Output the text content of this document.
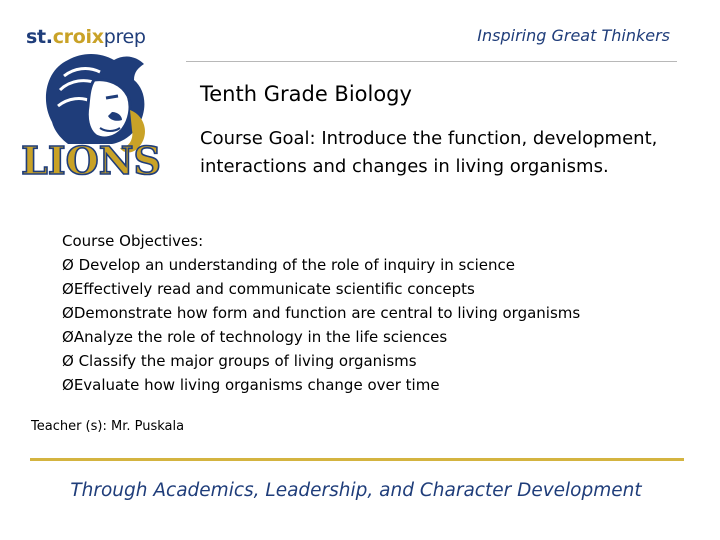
st.croixprep	Inspiring Great Thinkers
LIONS
Tenth Grade Biology
Course Goal: Introduce the function, development, interactions and changes in living organisms.
Course Objectives:
Ø Develop an understanding of the role of inquiry in science
ØEffectively read and communicate scientific concepts
ØDemonstrate how form and function are central to living organisms
ØAnalyze the role of technology in the life sciences
Ø Classify the major groups of living organisms
ØEvaluate how living organisms change over time
Teacher (s): Mr. Puskala
Through Academics, Leadership, and Character Development
